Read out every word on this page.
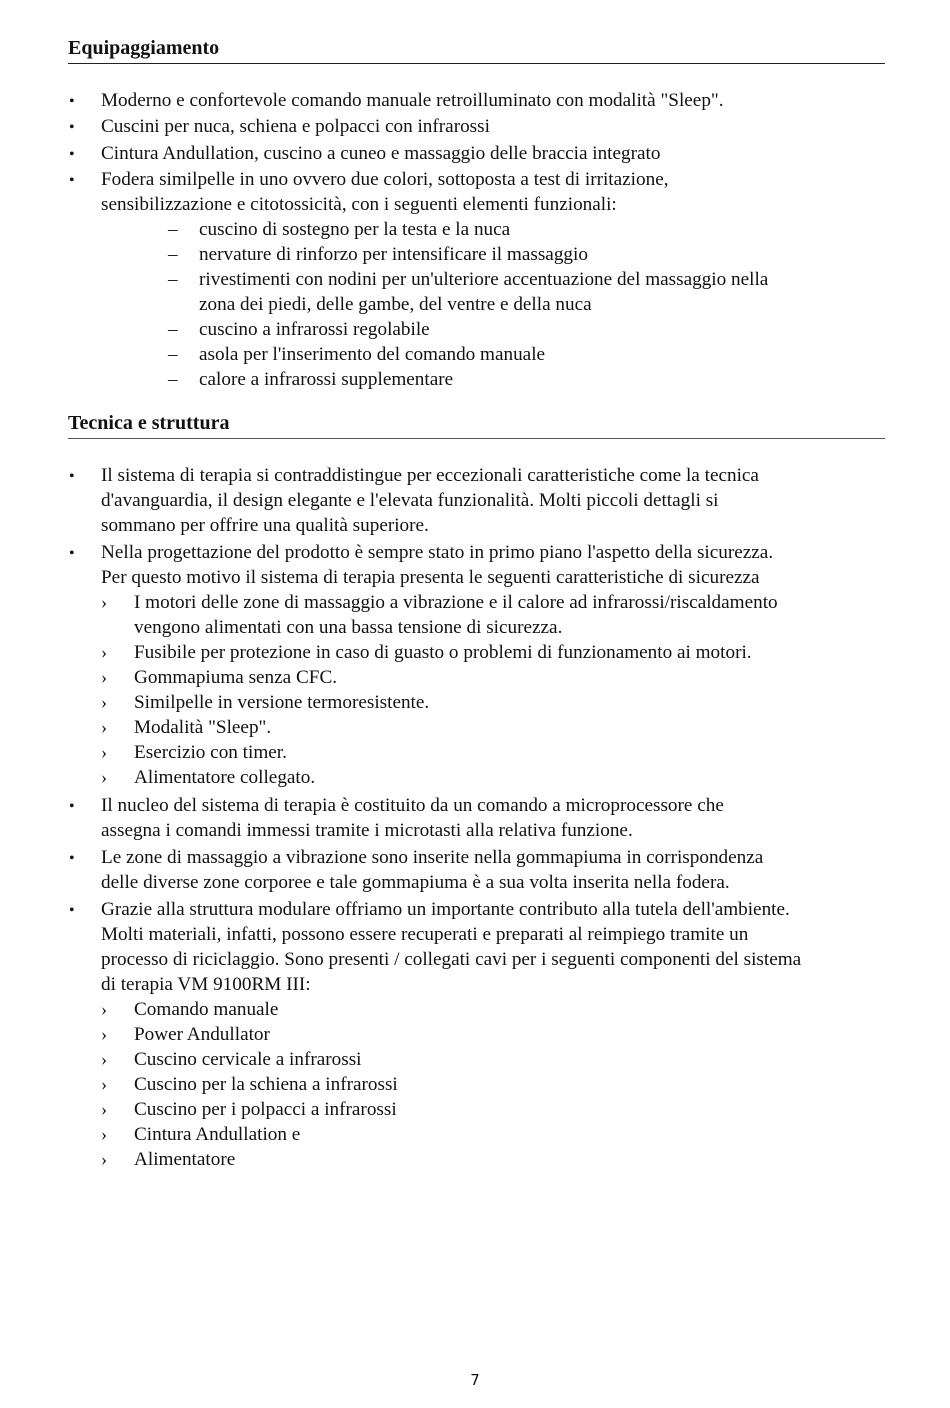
Equipaggiamento
• Moderno e confortevole comando manuale retroilluminato con modalità "Sleep".
• Cuscini per nuca, schiena e polpacci con infrarossi
• Cintura Andullation, cuscino a cuneo e massaggio delle braccia integrato
• Fodera similpelle in uno ovvero due colori, sottoposta a test di irritazione,
sensibilizzazione e citotossicità, con i seguenti elementi funzionali:
– cuscino di sostegno per la testa e la nuca
– nervature di rinforzo per intensificare il massaggio
– rivestimenti con nodini per un'ulteriore accentuazione del massaggio nella
zona dei piedi, delle gambe, del ventre e della nuca
– cuscino a infrarossi regolabile
– asola per l'inserimento del comando manuale
– calore a infrarossi supplementare
Tecnica e struttura
• Il sistema di terapia si contraddistingue per eccezionali caratteristiche come la tecnica
d'avanguardia, il design elegante e l'elevata funzionalità. Molti piccoli dettagli si
sommano per offrire una qualità superiore.
• Nella progettazione del prodotto è sempre stato in primo piano l'aspetto della sicurezza.
Per questo motivo il sistema di terapia presenta le seguenti caratteristiche di sicurezza
› I motori delle zone di massaggio a vibrazione e il calore ad infrarossi/riscaldamento
vengono alimentati con una bassa tensione di sicurezza.
› Fusibile per protezione in caso di guasto o problemi di funzionamento ai motori.
› Gommapiuma senza CFC.
› Similpelle in versione termoresistente.
› Modalità "Sleep".
› Esercizio con timer.
› Alimentatore collegato.
• Il nucleo del sistema di terapia è costituito da un comando a microprocessore che
assegna i comandi immessi tramite i microtasti alla relativa funzione.
• Le zone di massaggio a vibrazione sono inserite nella gommapiuma in corrispondenza
delle diverse zone corporee e tale gommapiuma è a sua volta inserita nella fodera.
• Grazie alla struttura modulare offriamo un importante contributo alla tutela dell'ambiente.
Molti materiali, infatti, possono essere recuperati e preparati al reimpiego tramite un
processo di riciclaggio. Sono presenti / collegati cavi per i seguenti componenti del sistema
di terapia VM 9100RM III:
› Comando manuale
› Power Andullator
› Cuscino cervicale a infrarossi
› Cuscino per la schiena a infrarossi
› Cuscino per i polpacci a infrarossi
› Cintura Andullation e
› Alimentatore
7
